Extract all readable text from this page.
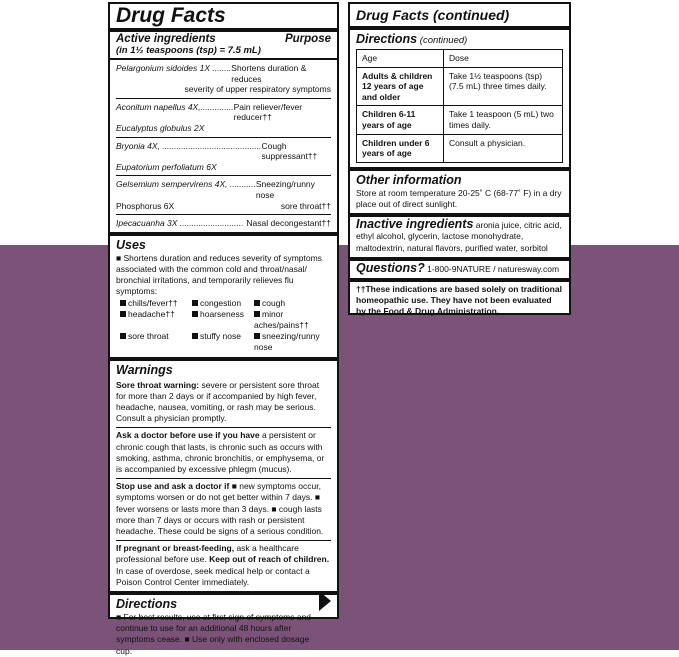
Drug Facts
Active ingredients	Purpose
(in 1½ teaspoons (tsp) = 7.5 mL)
Pelargonium sidoides 1X ........ Shortens duration & reduces
severity of upper respiratory symptoms
Aconitum napellus 4X,.............. Pain reliever/fever reducer††
Eucalyptus globulus 2X
Bryonia 4X, .......................................... Cough suppressant††
Eupatorium perfoliatum 6X
Gelsemium sempervirens 4X, ........... Sneezing/runny nose
Phosphorus 6X	sore throat††
Ipecacuanha 3X ........................... Nasal decongestant††
Uses
■ Shortens duration and reduces severity of symptoms associated with the common cold and throat/nasal/ bronchial irritations, and temporarily relieves flu symptoms:
chills/fever††	congestion	cough
headache††	hoarseness	minor aches/pains††
sore throat	stuffy nose	sneezing/runny nose
Warnings
Sore throat warning: severe or persistent sore throat for more than 2 days or if accompanied by high fever, headache, nausea, vomiting, or rash may be serious. Consult a physician promptly.
Ask a doctor before use if you have a persistent or chronic cough that lasts, is chronic such as occurs with smoking, asthma, chronic bronchitis, or emphysema, or is accompanied by excessive phlegm (mucus).
Stop use and ask a doctor if ■ new symptoms occur, symptoms worsen or do not get better within 7 days. ■ fever worsens or lasts more than 3 days. ■ cough lasts more than 7 days or occurs with rash or persistent headache. These could be signs of a serious condition.
If pregnant or breast-feeding, ask a healthcare professional before use. Keep out of reach of children. In case of overdose, seek medical help or contact a Poison Control Center immediately.
Directions
■ For best results, use at first sign of symptoms and continue to use for an additional 48 hours after symptoms cease. ■ Use only with enclosed dosage cup.
Drug Facts (continued)
Directions (continued)
Age	Dose
Adults & children 12 years of age and older	Take 1½ teaspoons (tsp) (7.5 mL) three times daily.
Children 6-11 years of age	Take 1 teaspoon (5 mL) two times daily.
Children under 6 years of age	Consult a physician.
Other information
Store at room temperature 20-25˚ C (68-77˚ F) in a dry place out of direct sunlight.
Inactive ingredients aronia juice, citric acid, ethyl alcohol, glycerin, lactose monohydrate, maltodextrin, natural flavors, purified water, sorbitol
Questions? 1-800-9NATURE / naturesway.com
††These indications are based solely on traditional homeopathic use. They have not been evaluated by the Food & Drug Administration.
